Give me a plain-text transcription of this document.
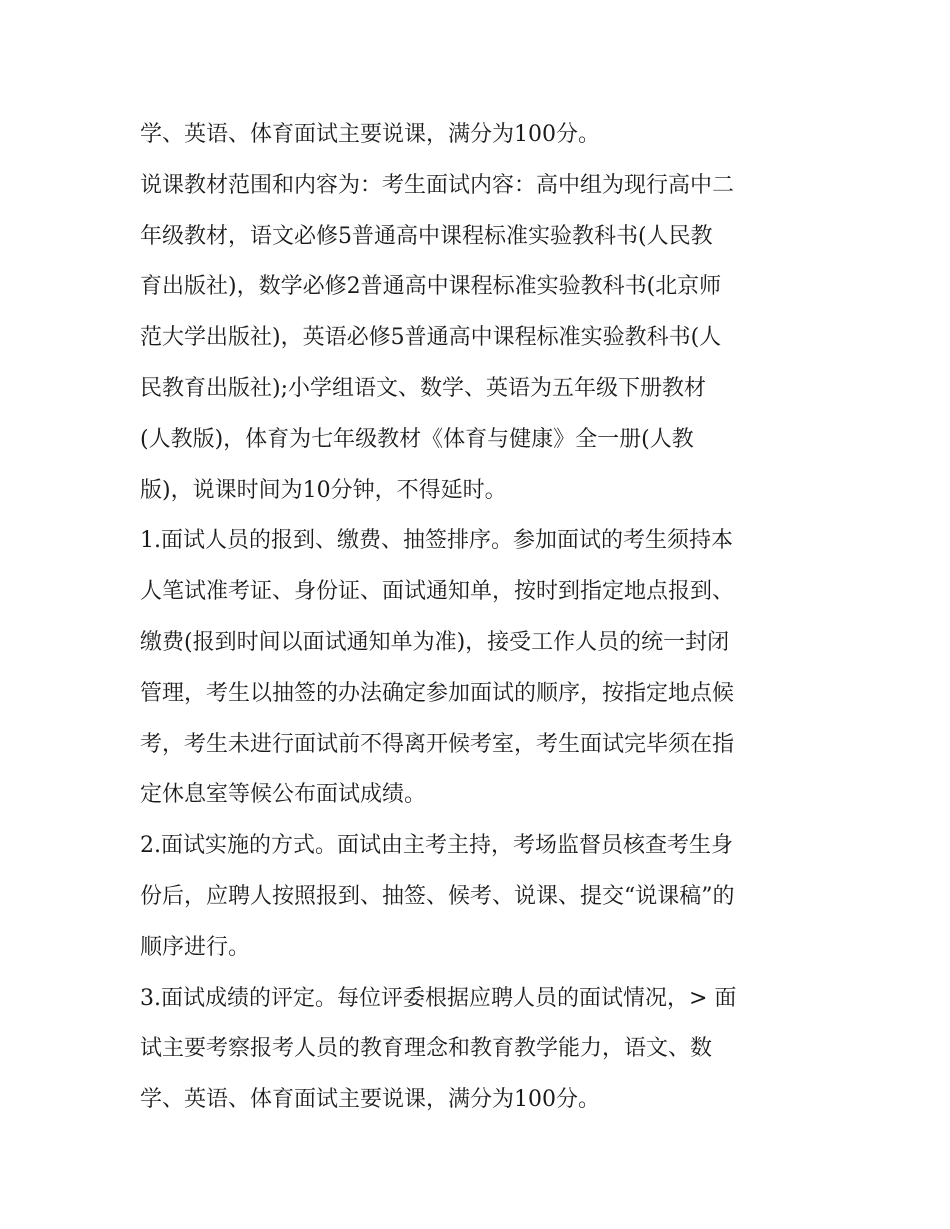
学、英语、体育面试主要说课，满分为100分。
说课教材范围和内容为：考生面试内容：高中组为现行高中二
年级教材，语文必修5普通高中课程标准实验教科书(人民教
育出版社)，数学必修2普通高中课程标准实验教科书(北京师
范大学出版社)，英语必修5普通高中课程标准实验教科书(人
民教育出版社);小学组语文、数学、英语为五年级下册教材
(人教版)，体育为七年级教材《体育与健康》全一册(人教
版)，说课时间为10分钟，不得延时。
1.面试人员的报到、缴费、抽签排序。参加面试的考生须持本
人笔试准考证、身份证、面试通知单，按时到指定地点报到、
缴费(报到时间以面试通知单为准)，接受工作人员的统一封闭
管理，考生以抽签的办法确定参加面试的顺序，按指定地点候
考，考生未进行面试前不得离开候考室，考生面试完毕须在指
定休息室等候公布面试成绩。
2.面试实施的方式。面试由主考主持，考场监督员核查考生身
份后，应聘人按照报到、抽签、候考、说课、提交“说课稿”的
顺序进行。
3.面试成绩的评定。每位评委根据应聘人员的面试情况，> 面
试主要考察报考人员的教育理念和教育教学能力，语文、数
学、英语、体育面试主要说课，满分为100分。
